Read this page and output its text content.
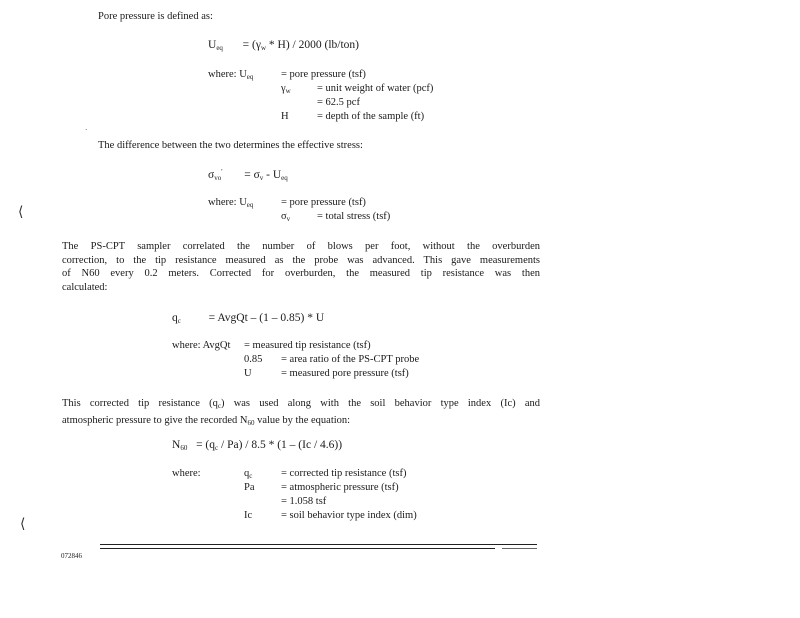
Pore pressure is defined as:
$U_{eq} = (\gamma_w * H) / 2000$ (lb/ton)
where: $U_{eq}$	= pore pressure (tsf)
$\gamma_w$	= unit weight of water (pcf)
= 62.5 pcf
H	= depth of the sample (ft)
·
The difference between the two determines the effective stress:
$\sigma_{vo}' = \sigma_v - U_{eq}$
where: $U_{eq}$	= pore pressure (tsf)
$\sigma_v$	= total stress (tsf)
⟨
The PS-CPT sampler correlated the number of blows per foot, without the overburden
correction, to the tip resistance measured as the probe was advanced. This gave measurements
of N60 every 0.2 meters. Corrected for overburden, the measured tip resistance was then
calculated:
$q_c$ = AvgQt – (1 – 0.85) * U
where: AvgQt = measured tip resistance (tsf)
0.85 = area ratio of the PS-CPT probe
U	= measured pore pressure (tsf)
This corrected tip resistance $(q_c)$ was used along with the soil behavior type index (Ic) and
atmospheric pressure to give the recorded $N_{60}$ value by the equation:
$N_{60} = (q_c / Pa) / 8.5 * (1 - (Ic / 4.6))$
where:	$q_c$	= corrected tip resistance (tsf)
Pa	= atmospheric pressure (tsf)
= 1.058 tsf
Ic	= soil behavior type index (dim)
⟨
072846
